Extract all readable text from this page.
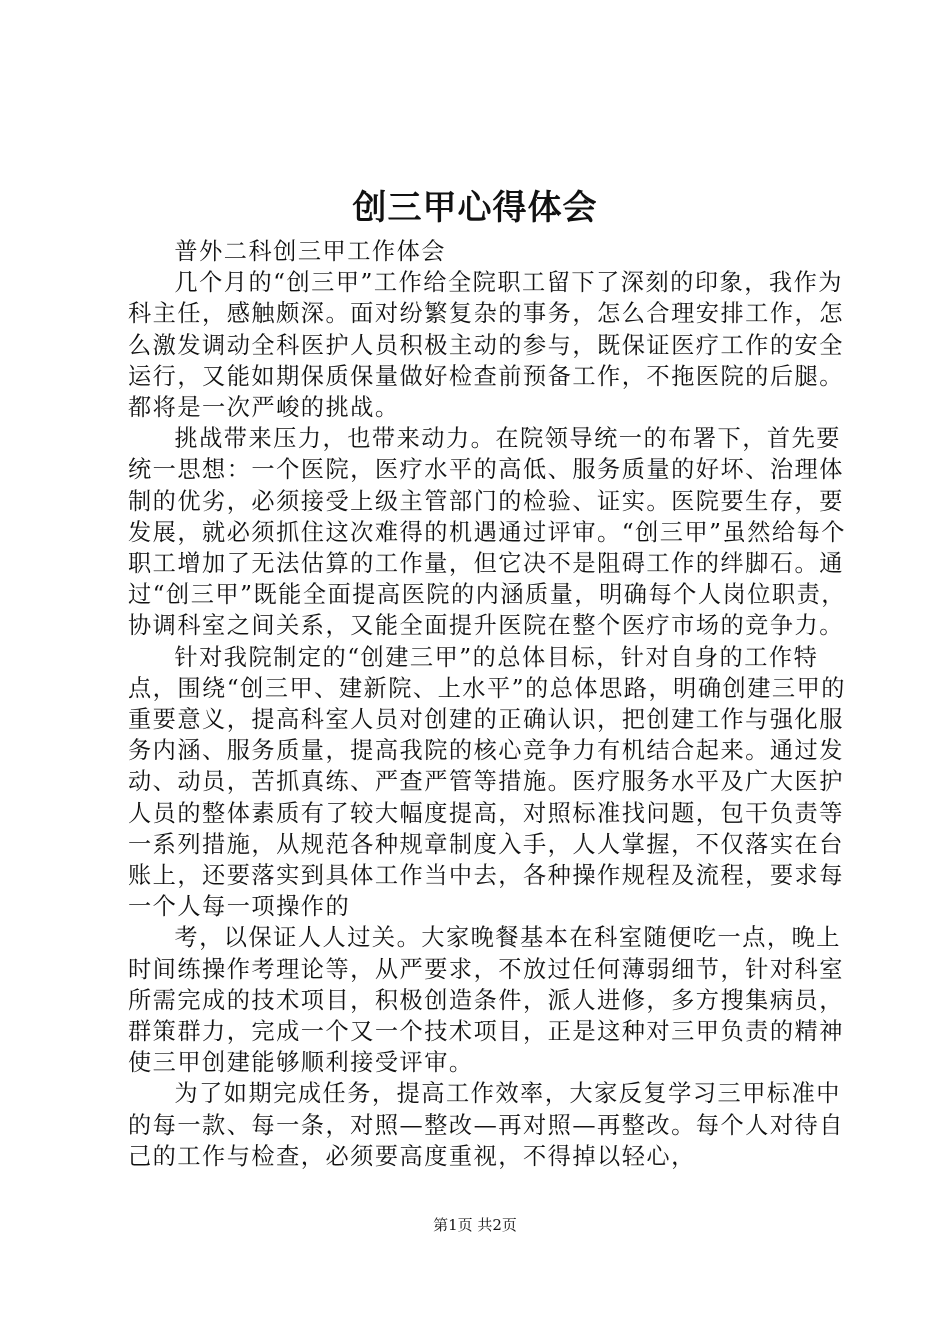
创三甲心得体会

普外二科创三甲工作体会

几个月的“创三甲”工作给全院职工留下了深刻的印象，我作为科主任，感触颇深。面对纷繁复杂的事务，怎么合理安排工作，怎么激发调动全科医护人员积极主动的参与，既保证医疗工作的安全运行，又能如期保质保量做好检查前预备工作，不拖医院的后腿。都将是一次严峻的挑战。

挑战带来压力，也带来动力。在院领导统一的布署下，首先要统一思想：一个医院，医疗水平的高低、服务质量的好坏、治理体制的优劣，必须接受上级主管部门的检验、证实。医院要生存，要发展，就必须抓住这次难得的机遇通过评审。“创三甲”虽然给每个职工增加了无法估算的工作量，但它决不是阻碍工作的绊脚石。通过“创三甲”既能全面提高医院的内涵质量，明确每个人岗位职责，协调科室之间关系，又能全面提升医院在整个医疗市场的竞争力。

针对我院制定的“创建三甲”的总体目标，针对自身的工作特点，围绕“创三甲、建新院、上水平”的总体思路，明确创建三甲的重要意义，提高科室人员对创建的正确认识，把创建工作与强化服务内涵、服务质量，提高我院的核心竞争力有机结合起来。通过发动、动员，苦抓真练、严查严管等措施。医疗服务水平及广大医护人员的整体素质有了较大幅度提高，对照标准找问题，包干负责等一系列措施，从规范各种规章制度入手，人人掌握，不仅落实在台账上，还要落实到具体工作当中去，各种操作规程及流程，要求每一个人每一项操作的

考，以保证人人过关。大家晚餐基本在科室随便吃一点，晚上时间练操作考理论等，从严要求，不放过任何薄弱细节，针对科室所需完成的技术项目，积极创造条件，派人进修，多方搜集病员，群策群力，完成一个又一个技术项目，正是这种对三甲负责的精神使三甲创建能够顺利接受评审。

为了如期完成任务，提高工作效率，大家反复学习三甲标准中的每一款、每一条，对照—整改—再对照—再整改。每个人对待自己的工作与检查，必须要高度重视，不得掉以轻心，

第1页 共2页
